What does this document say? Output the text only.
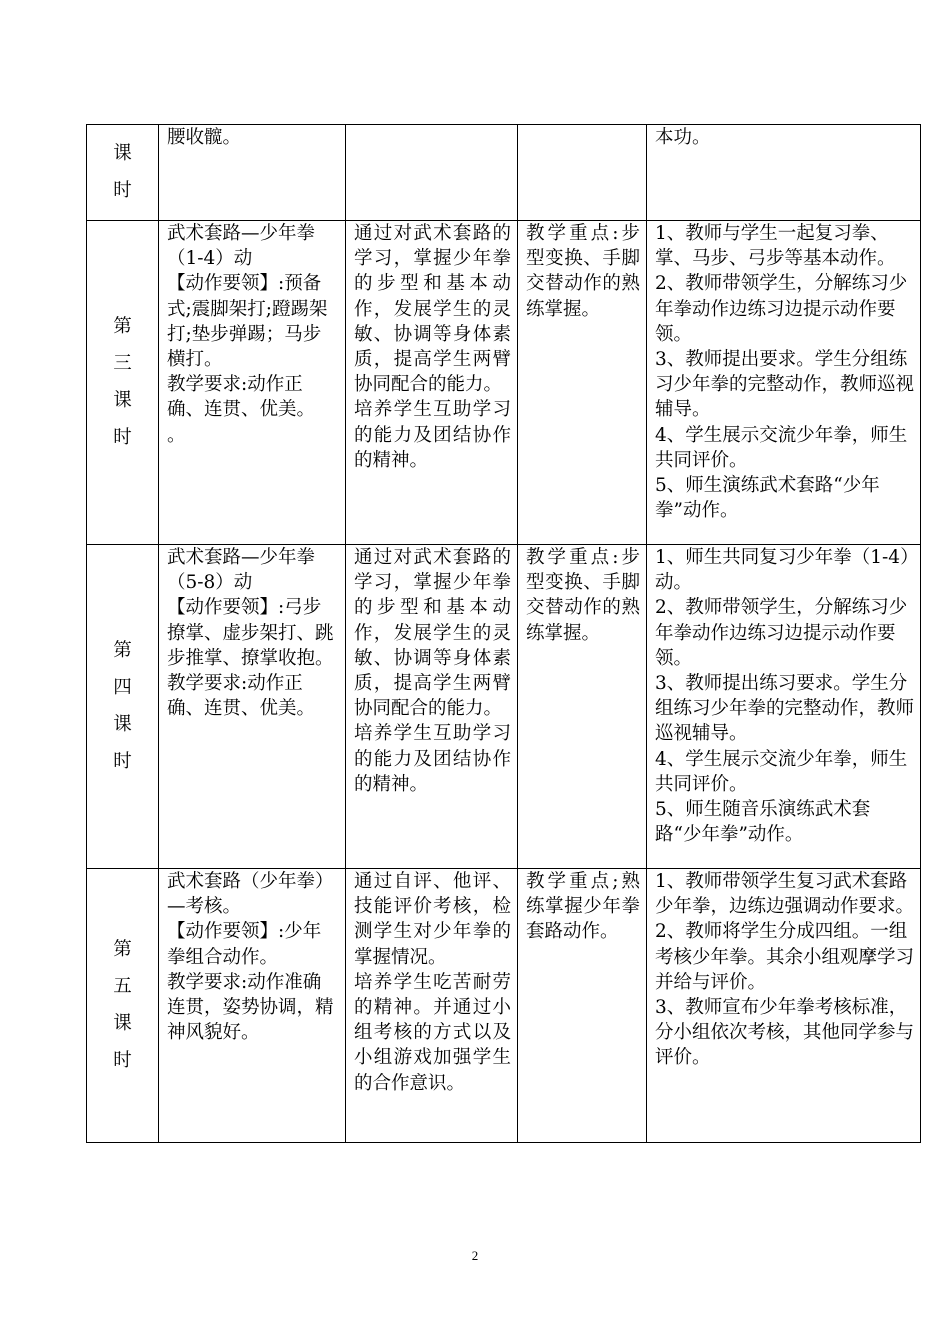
课
时	腰收髋。			本功。

第
三
课
时	武术套路—少年拳（1-4）动
【动作要领】:预备式;震脚架打;蹬踢架打;垫步弹踢；马步横打。
教学要求:动作正确、连贯、优美。
。	通过对武术套路的学习，掌握少年拳的步型和基本动作，发展学生的灵敏、协调等身体素质，提高学生两臂协同配合的能力。
培养学生互助学习的能力及团结协作的精神。	教学重点:步型变换、手脚交替动作的熟练掌握。	1、教师与学生一起复习拳、掌、马步、弓步等基本动作。
2、教师带领学生，分解练习少年拳动作边练习边提示动作要领。
3、教师提出要求。学生分组练习少年拳的完整动作，教师巡视辅导。
4、学生展示交流少年拳，师生共同评价。
5、师生演练武术套路“少年拳”动作。

第
四
课
时	武术套路—少年拳（5-8）动
【动作要领】:弓步撩掌、虚步架打、跳步推掌、撩掌收抱。
教学要求:动作正确、连贯、优美。	通过对武术套路的学习，掌握少年拳的步型和基本动作，发展学生的灵敏、协调等身体素质，提高学生两臂协同配合的能力。
培养学生互助学习的能力及团结协作的精神。	教学重点:步型变换、手脚交替动作的熟练掌握。	1、师生共同复习少年拳（1-4）动。
2、教师带领学生，分解练习少年拳动作边练习边提示动作要领。
3、教师提出练习要求。学生分组练习少年拳的完整动作，教师巡视辅导。
4、学生展示交流少年拳，师生共同评价。
5、师生随音乐演练武术套路“少年拳”动作。

第
五
课
时	武术套路（少年拳）—考核。
【动作要领】:少年拳组合动作。
教学要求:动作准确连贯，姿势协调，精神风貌好。	通过自评、他评、技能评价考核，检测学生对少年拳的掌握情况。
培养学生吃苦耐劳的精神。并通过小组考核的方式以及小组游戏加强学生的合作意识。	教学重点;熟练掌握少年拳套路动作。	1、教师带领学生复习武术套路少年拳，边练边强调动作要求。
2、教师将学生分成四组。一组考核少年拳。其余小组观摩学习并给与评价。
3、教师宣布少年拳考核标准，分小组依次考核，其他同学参与评价。
2
